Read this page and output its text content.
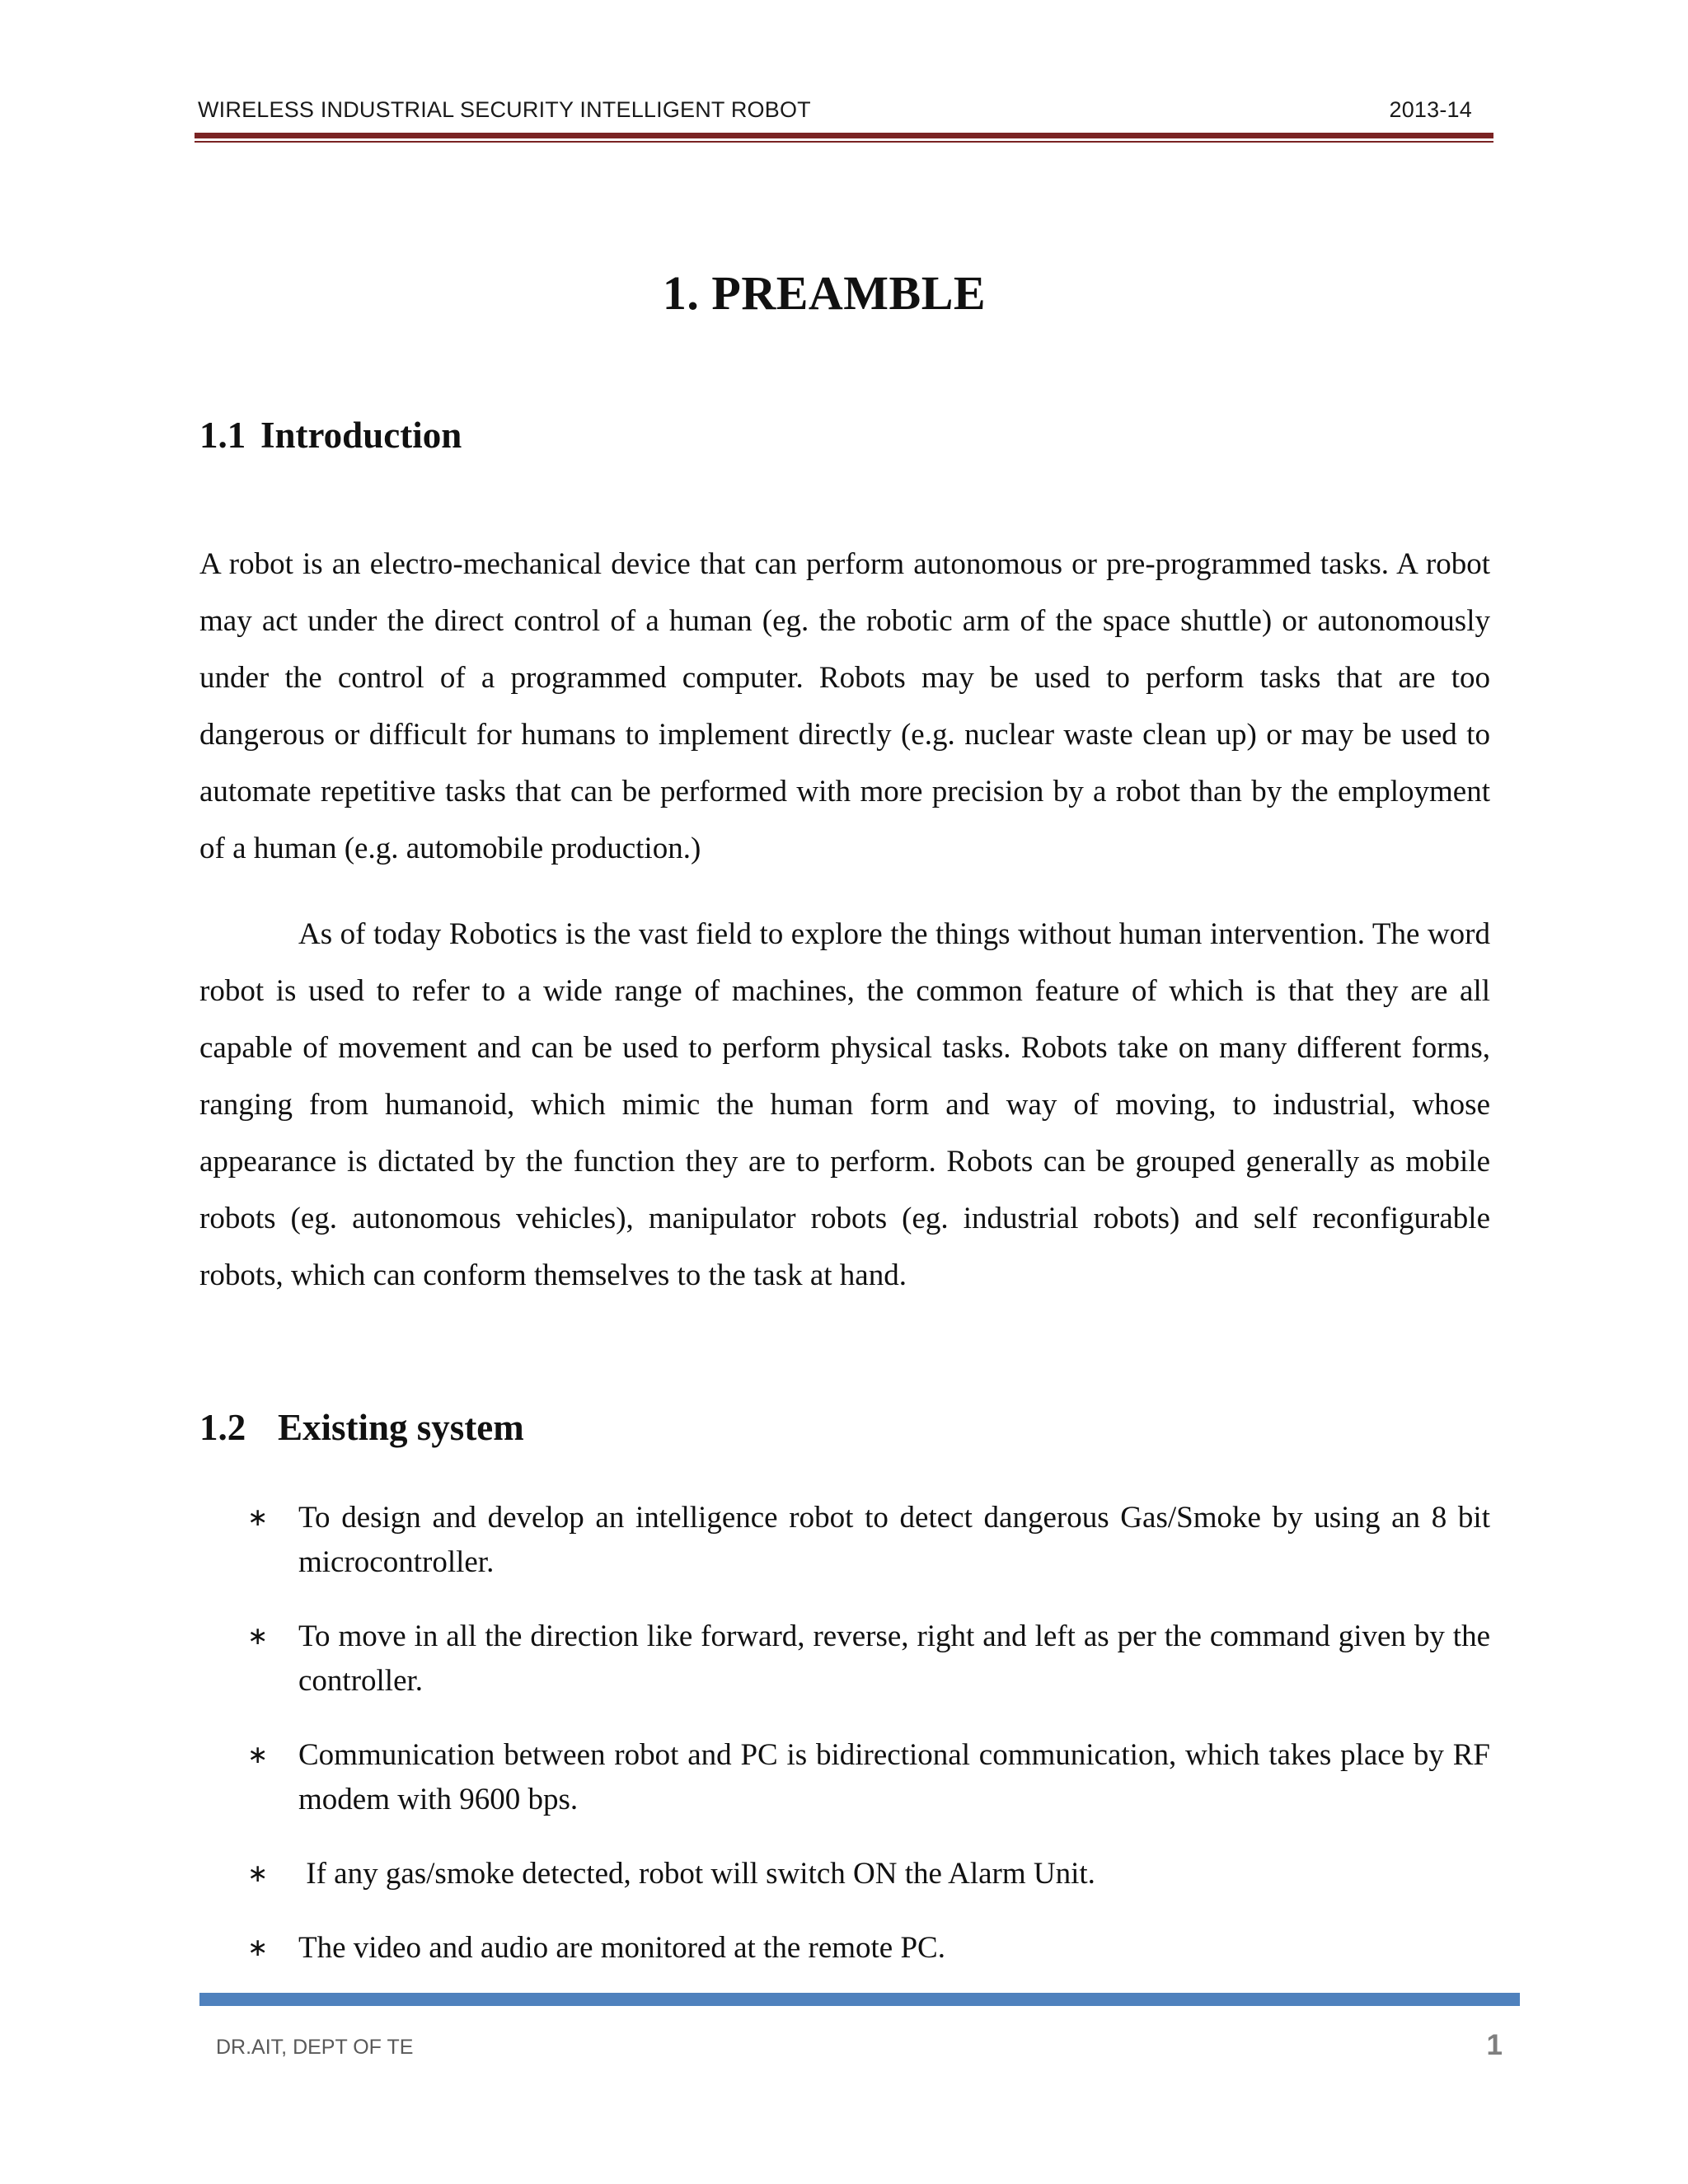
WIRELESS INDUSTRIAL SECURITY INTELLIGENT ROBOT	2013-14
1. PREAMBLE
1.1 Introduction

A robot is an electro-mechanical device that can perform autonomous or pre-programmed tasks. A robot may act under the direct control of a human (eg. the robotic arm of the space shuttle) or autonomously under the control of a programmed computer. Robots may be used to perform tasks that are too dangerous or difficult for humans to implement directly (e.g. nuclear waste clean up) or may be used to automate repetitive tasks that can be performed with more precision by a robot than by the employment of a human (e.g. automobile production.)

As of today Robotics is the vast field to explore the things without human intervention. The word robot is used to refer to a wide range of machines, the common feature of which is that they are all capable of movement and can be used to perform physical tasks. Robots take on many different forms, ranging from humanoid, which mimic the human form and way of moving, to industrial, whose appearance is dictated by the function they are to perform. Robots can be grouped generally as mobile robots (eg. autonomous vehicles), manipulator robots (eg. industrial robots) and self reconfigurable robots, which can conform themselves to the task at hand.

1.2 Existing system
∗ To design and develop an intelligence robot to detect dangerous Gas/Smoke by using an 8 bit microcontroller.
∗ To move in all the direction like forward, reverse, right and left as per the command given by the controller.
∗ Communication between robot and PC is bidirectional communication, which takes place by RF modem with 9600 bps.
∗ If any gas/smoke detected, robot will switch ON the Alarm Unit.
∗ The video and audio are monitored at the remote PC.
DR.AIT, DEPT OF TE	1
